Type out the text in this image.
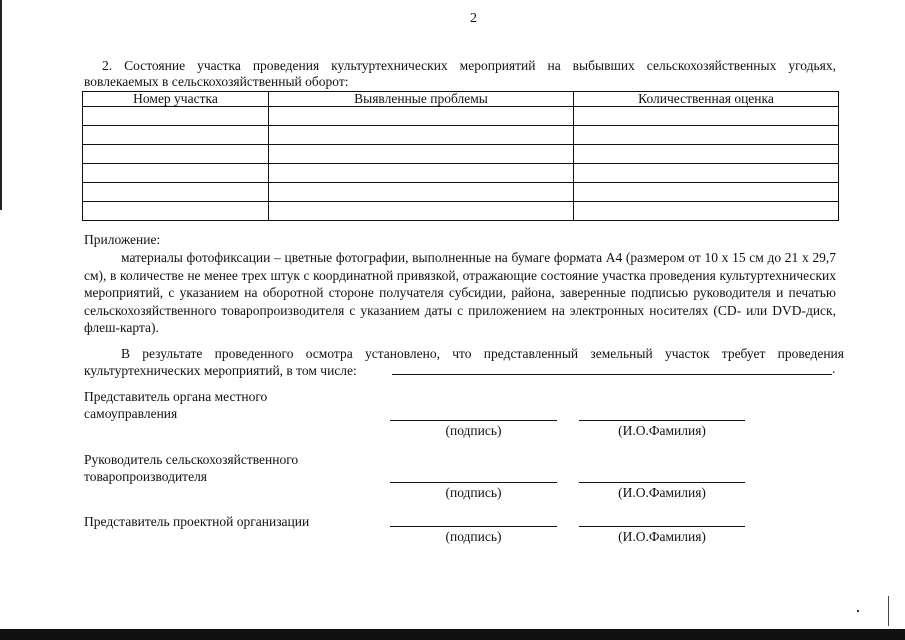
2
2. Состояние участка проведения культуртехнических мероприятий на выбывших сельскохозяйственных угодьях, вовлекаемых в сельскохозяйственный оборот:
Номер участка	Выявленные проблемы	Количественная оценка

Приложение:
материалы фотофиксации – цветные фотографии, выполненные на бумаге формата А4 (размером от 10 х 15 см до 21 х 29,7 см), в количестве не менее трех штук с координатной привязкой, отражающие состояние участка проведения культуртехнических мероприятий, с указанием на оборотной стороне получателя субсидии, района, заверенные подписью руководителя и печатью сельскохозяйственного товаропроизводителя с указанием даты с приложением на электронных носителях (CD- или DVD-диск, флеш-карта).
В результате проведенного осмотра установлено, что представленный земельный участок требует проведения культуртехнических мероприятий, в том числе:	.
Представитель органа местного самоуправления
(подпись)	(И.О.Фамилия)
Руководитель сельскохозяйственного товаропроизводителя
(подпись)	(И.О.Фамилия)
Представитель проектной организации
(подпись)	(И.О.Фамилия)
